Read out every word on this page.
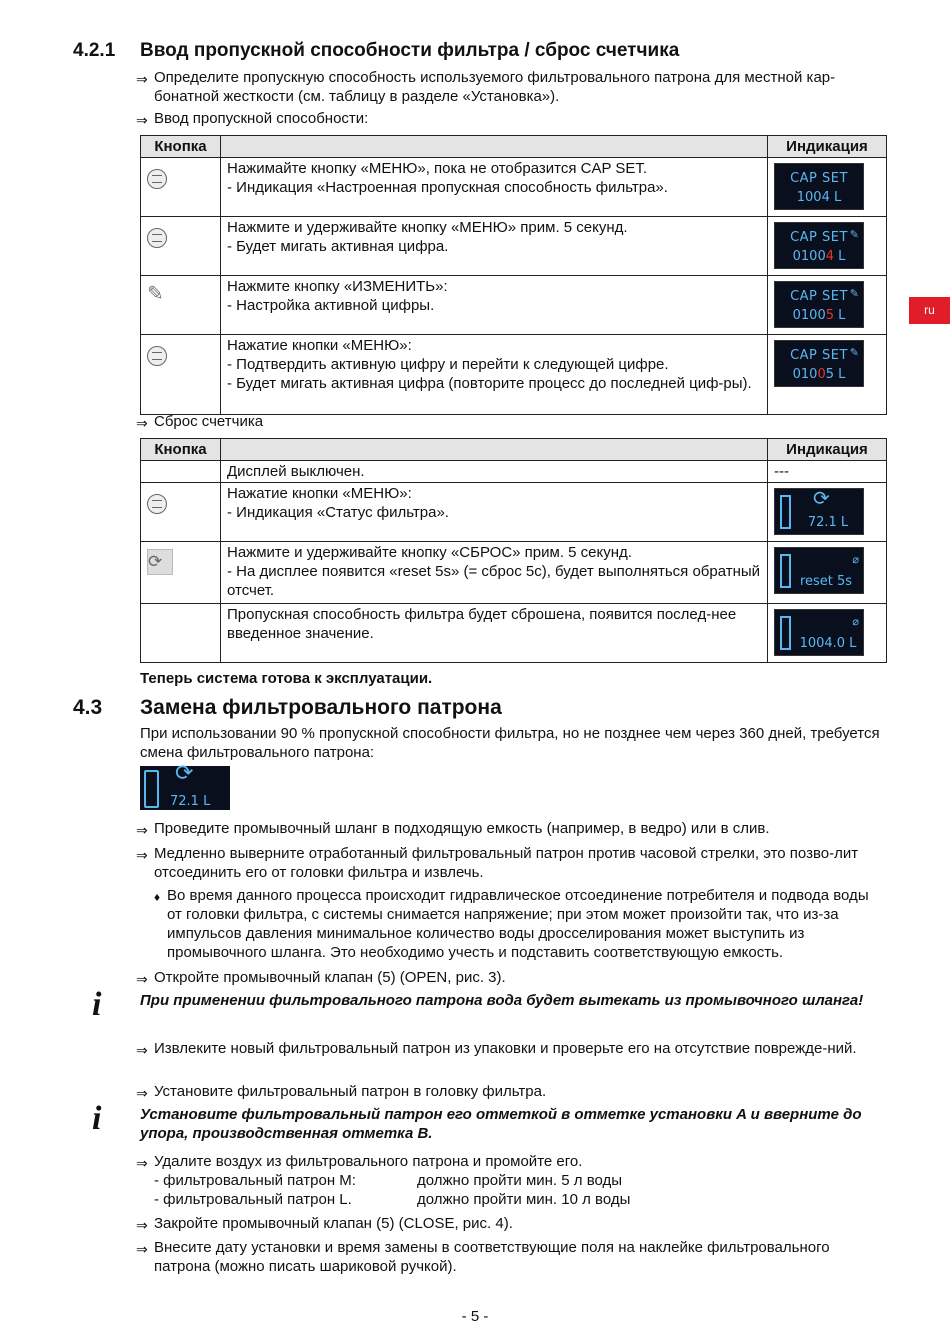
4.2.1 Ввод пропускной способности фильтра / сброс счетчика
⇒ Определите пропускную способность используемого фильтровального патрона для местной кар-бонатной жесткости (см. таблицу в разделе «Установка»).
⇒ Ввод пропускной способности:
ru
Кнопка		Индикация
	Нажимайте кнопку «МЕНЮ», пока не отобразится CAP SET.
- Индикация «Настроенная пропускная способность фильтра».	CAP SET
1004 L

	Нажмите и удерживайте кнопку «МЕНЮ» прим. 5 секунд.
- Будет мигать активная цифра.	✎
CAP SET
01004 L

✎	Нажмите кнопку «ИЗМЕНИТЬ»:
- Настройка активной цифры.	✎
CAP SET
01005 L

	Нажатие кнопки «МЕНЮ»:
- Подтвердить активную цифру и перейти к следующей цифре.
- Будет мигать активная цифра (повторите процесс до последней циф-ры).	✎
CAP SET
01005 L
⇒ Сброс счетчика
Кнопка		Индикация
	Дисплей выключен.	---
	Нажатие кнопки «МЕНЮ»:
- Индикация «Статус фильтра».	⟳
72.1 L

⟳	Нажмите и удерживайте кнопку «СБРОС» прим. 5 секунд.
- На дисплее появится «reset 5s» (= сброс 5с), будет выполняться обратный отсчет.	⌀
reset 5s

	Пропускная способность фильтра будет сброшена, появится послед-нее введенное значение.	⌀
1004.0 L
Теперь система готова к эксплуатации.
4.3 Замена фильтровального патрона
При использовании 90 % пропускной способности фильтра, но не позднее чем через 360 дней, требуется смена фильтровального патрона:
⟳
72.1 L
⇒ Проведите промывочный шланг в подходящую емкость (например, в ведро) или в слив.
⇒ Медленно выверните отработанный фильтровальный патрон против часовой стрелки, это позво-лит отсоединить его от головки фильтра и извлечь.
♦ Во время данного процесса происходит гидравлическое отсоединение потребителя и подвода воды от головки фильтра, с системы снимается напряжение; при этом может произойти так, что из-за импульсов давления минимальное количество воды дросселирования может выступить из промывочного шланга. Это необходимо учесть и подставить соответствующую емкость.
⇒ Откройте промывочный клапан (5) (OPEN, рис. 3).
i	При применении фильтровального патрона вода будет вытекать из промывочного шланга!
⇒ Извлеките новый фильтровальный патрон из упаковки и проверьте его на отсутствие поврежде-ний.
⇒ Установите фильтровальный патрон в головку фильтра.
i	Установите фильтровальный патрон его отметкой в отметке установки A и вверните до упора, производственная отметка B.
⇒ Удалите воздух из фильтровального патрона и промойте его.
- фильтровальный патрон M:	должно пройти мин. 5 л воды
- фильтровальный патрон L.	должно пройти мин. 10 л воды
⇒ Закройте промывочный клапан (5) (CLOSE, рис. 4).
⇒ Внесите дату установки и время замены в соответствующие поля на наклейке фильтровального патрона (можно писать шариковой ручкой).
- 5 -
